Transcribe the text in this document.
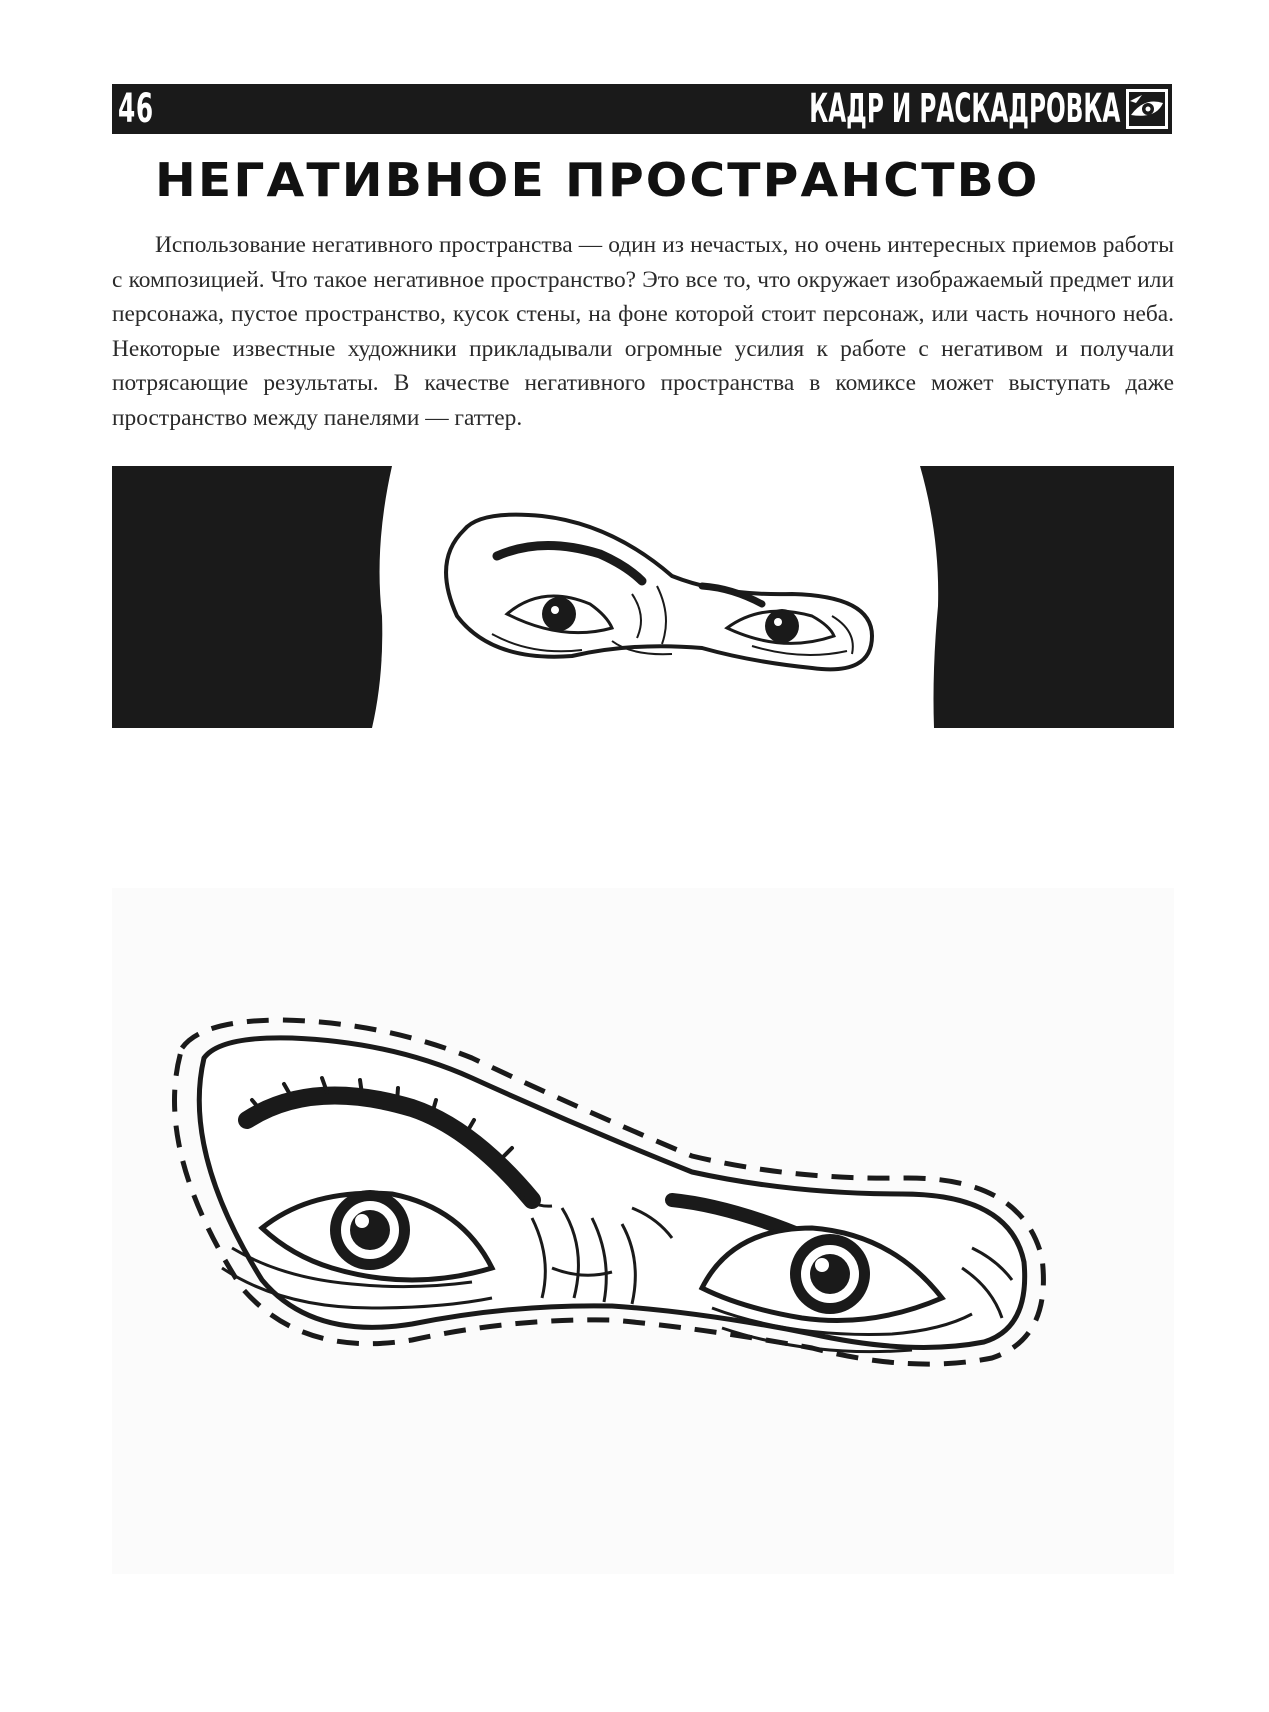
46	КАДР И РАСКАДРОВКА
НЕГАТИВНОЕ ПРОСТРАНСТВО

Использование негативного пространства — один из нечастых, но очень интересных приемов работы с композицией. Что такое негативное пространство? Это все то, что окружает изображаемый предмет или персонажа, пустое пространство, кусок стены, на фоне которой стоит персонаж, или часть ночного неба. Некоторые известные художники прикладывали огромные усилия к работе с негативом и получали потрясающие результаты. В качестве негативного пространства в комиксе может выступать даже пространство между панелями — гаттер.
